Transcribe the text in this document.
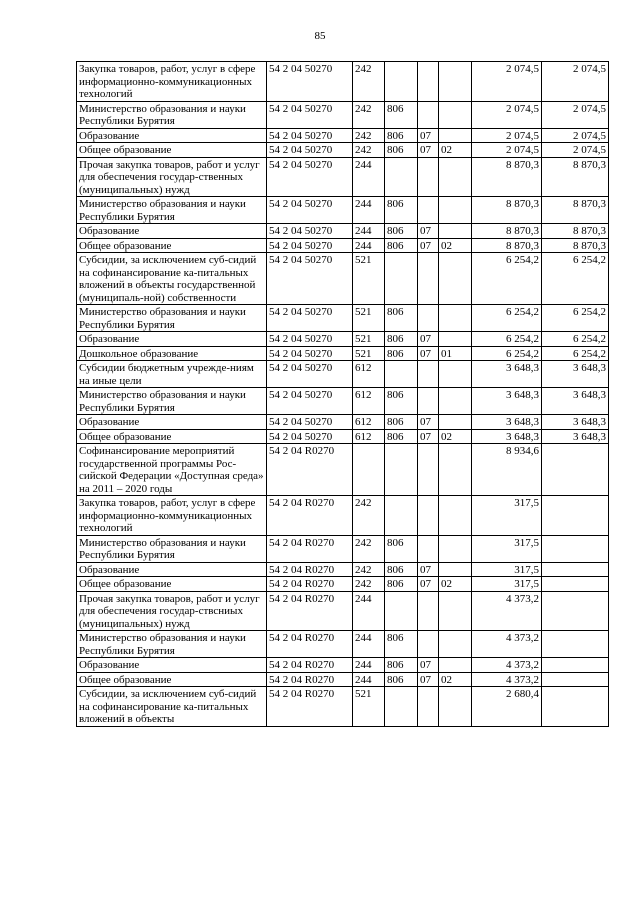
85
Закупка товаров, работ, услуг в сфере информационно-коммуникационных технологий	54 2 04 50270	242				2 074,5	2 074,5
Министерство образования и науки Республики Бурятия	54 2 04 50270	242	806			2 074,5	2 074,5
Образование	54 2 04 50270	242	806	07		2 074,5	2 074,5
Общее образование	54 2 04 50270	242	806	07	02	2 074,5	2 074,5
Прочая закупка товаров, работ и услуг для обеспечения государ-ственных (муниципальных) нужд	54 2 04 50270	244				8 870,3	8 870,3
Министерство образования и науки Республики Бурятия	54 2 04 50270	244	806			8 870,3	8 870,3
Образование	54 2 04 50270	244	806	07		8 870,3	8 870,3
Общее образование	54 2 04 50270	244	806	07	02	8 870,3	8 870,3
Субсидии, за исключением суб-сидий на софинансирование ка-питальных вложений в объекты государственной (муниципаль-ной) собственности	54 2 04 50270	521				6 254,2	6 254,2
Министерство образования и науки Республики Бурятия	54 2 04 50270	521	806			6 254,2	6 254,2
Образование	54 2 04 50270	521	806	07		6 254,2	6 254,2
Дошкольное образование	54 2 04 50270	521	806	07	01	6 254,2	6 254,2
Субсидии бюджетным учрежде-ниям на иные цели	54 2 04 50270	612				3 648,3	3 648,3
Министерство образования и науки Республики Бурятия	54 2 04 50270	612	806			3 648,3	3 648,3
Образование	54 2 04 50270	612	806	07		3 648,3	3 648,3
Общее образование	54 2 04 50270	612	806	07	02	3 648,3	3 648,3
Софинансирование мероприятий государственной программы Рос-сийской Федерации «Доступная среда» на 2011 – 2020 годы	54 2 04 R0270					8 934,6	
Закупка товаров, работ, услуг в сфере информационно-коммуникационных технологий	54 2 04 R0270	242				317,5	
Министерство образования и науки Республики Бурятия	54 2 04 R0270	242	806			317,5	
Образование	54 2 04 R0270	242	806	07		317,5	
Общее образование	54 2 04 R0270	242	806	07	02	317,5	
Прочая закупка товаров, работ и услуг для обеспечения государ-ствсниых (муниципальных) нужд	54 2 04 R0270	244				4 373,2	
Министерство образования и науки Республики Бурятия	54 2 04 R0270	244	806			4 373,2	
Образование	54 2 04 R0270	244	806	07		4 373,2	
Общее образование	54 2 04 R0270	244	806	07	02	4 373,2	
Субсидии, за исключением суб-сидий на софинансирование ка-питальных вложений в объекты	54 2 04 R0270	521				2 680,4	
